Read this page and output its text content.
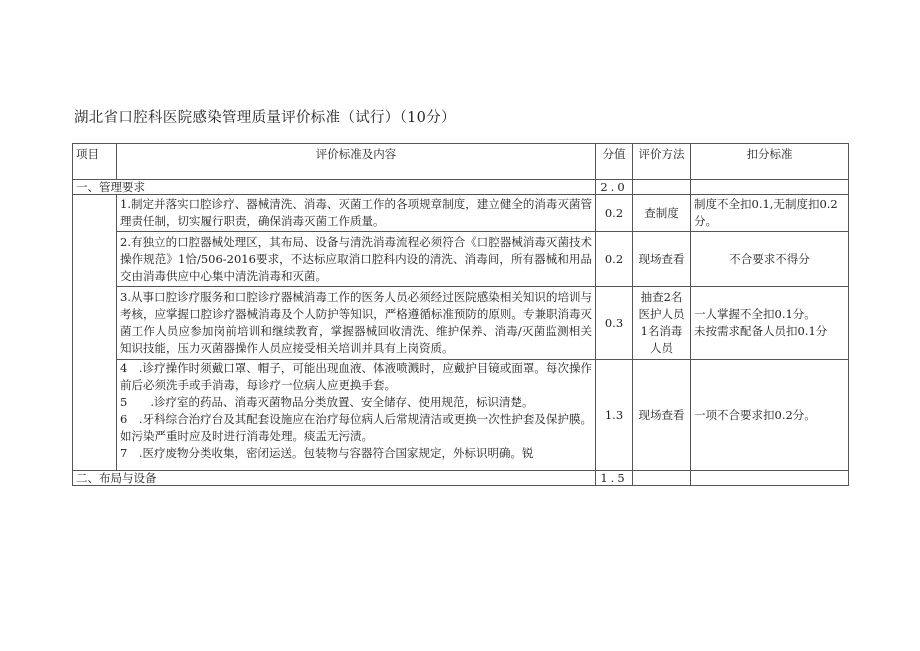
湖北省口腔科医院感染管理质量评价标准（试行）（10分）
项目	评价标准及内容	分值	评价方法	扣分标准
一、管理要求		2.0		
	1.制定并落实口腔诊疗、器械清洗、消毒、灭菌工作的各项规章制度，建立健全的消毒灭菌管理责任制，切实履行职责，确保消毒灭菌工作质量。	0.2	查制度	制度不全扣0.1,无制度扣0.2分。
	2.有独立的口腔器械处理区，其布局、设备与清洗消毒流程必须符合《口腔器械消毒灭菌技术操作规范》1恰/506-2016要求，不达标应取消口腔科内设的清洗、消毒间，所有器械和用品交由消毒供应中心集中清洗消毒和灭菌。	0.2	现场查看	不合要求不得分
	3.从事口腔诊疗服务和口腔诊疗器械消毒工作的医务人员必须经过医院感染相关知识的培训与考核，应掌握口腔诊疗器械消毒及个人防护等知识，严格遵循标准预防的原则。专兼职消毒灭菌工作人员应参加岗前培训和继续教育，掌握器械回收清洗、维护保养、消毒/灭菌监测相关知识技能，压力灭菌器操作人员应接受相关培训并具有上岗资质。	0.3	抽查2名医护人员1名消毒人员	一人掌握不全扣0.1分。
未按需求配备人员扣0.1分

	4　.诊疗操作时须戴口罩、帽子，可能出现血液、体液喷溅时，应戴护目镜或面罩。每次操作前后必须洗手或手消毒，每诊疗一位病人应更换手套。
5　　.诊疗室的药品、消毒灭菌物品分类放置、安全储存、使用规范，标识清楚。
6　.牙科综合治疗台及其配套设施应在治疗每位病人后常规清洁或更换一次性护套及保护膜。如污染严重时应及时进行消毒处理。痰盂无污渍。
7　.医疗废物分类收集，密闭运送。包装物与容器符合国家规定，外标识明确。锐	1.3	现场查看	一项不合要求扣0.2分。
二、布局与设备		1.5		
